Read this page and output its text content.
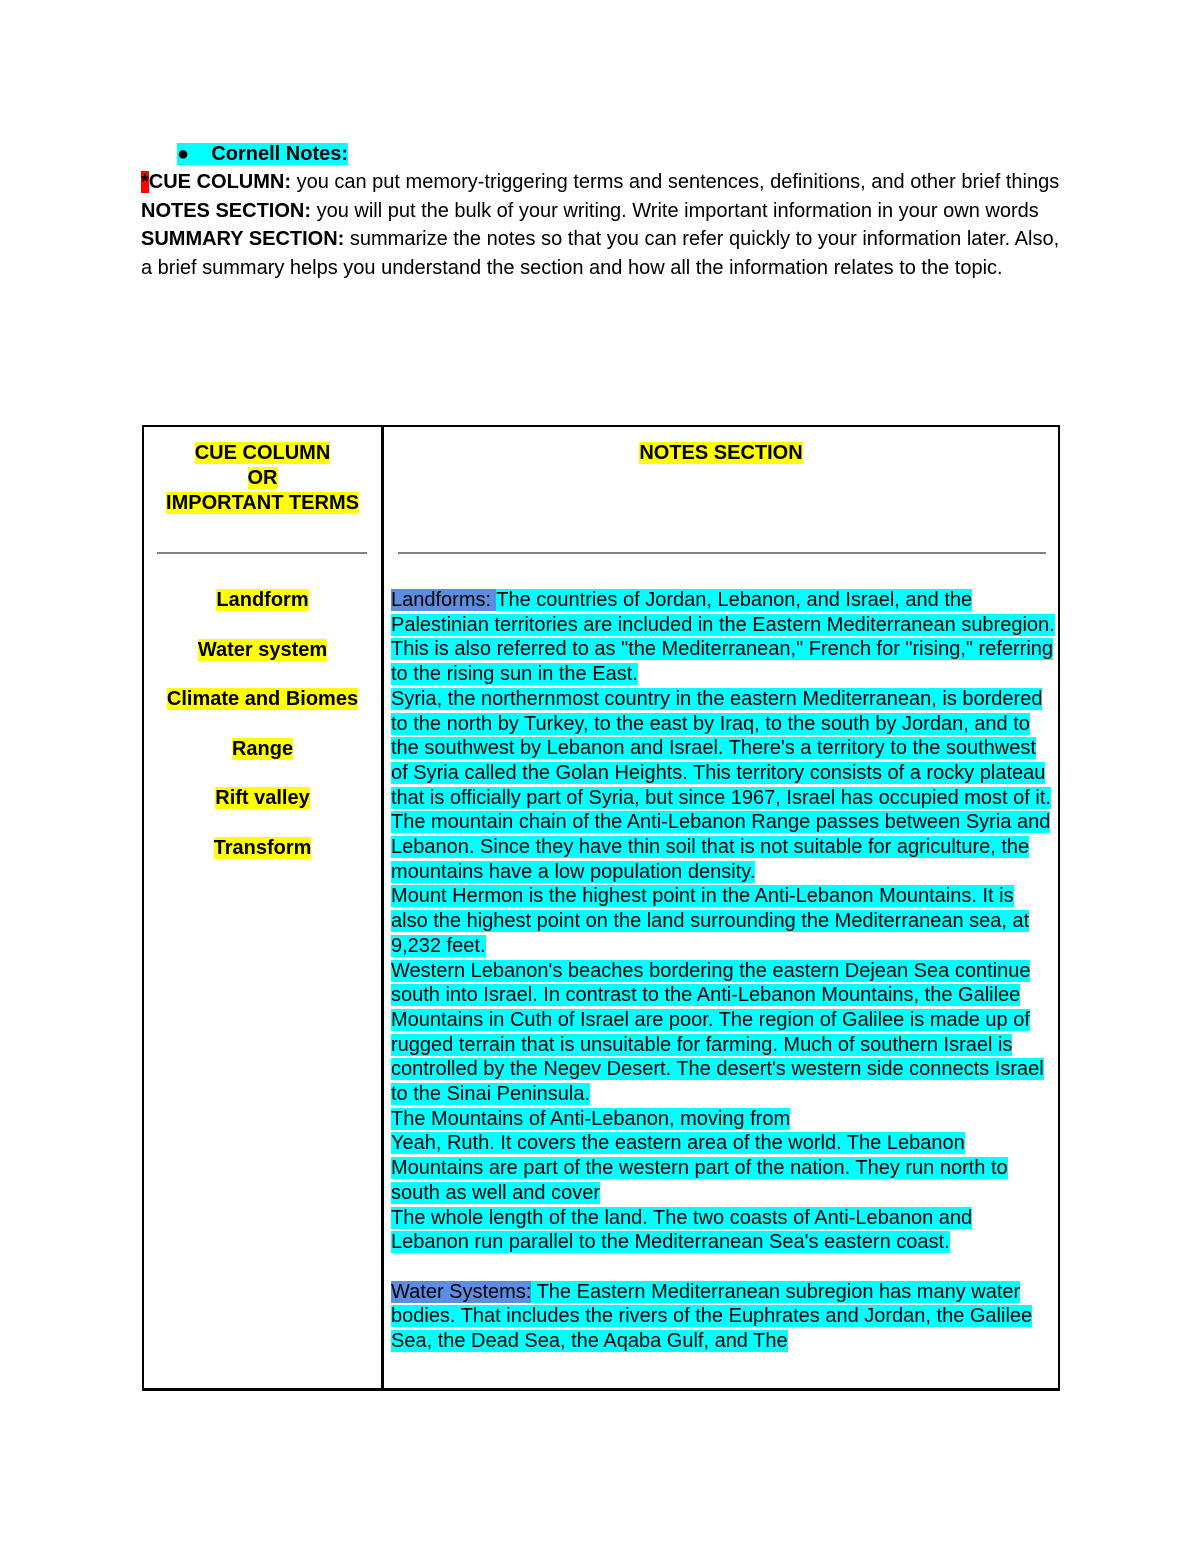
● Cornell Notes:

*CUE COLUMN: you can put memory-triggering terms and sentences, definitions, and other brief things

NOTES SECTION: you will put the bulk of your writing. Write important information in your own words

SUMMARY SECTION: summarize the notes so that you can refer quickly to your information later. Also, a brief summary helps you understand the section and how all the information relates to the topic.

CUE COLUMN
OR
IMPORTANT TERMS
NOTES SECTION
Landform
Water system
Climate and Biomes
Range
Rift valley
Transform

Landforms: The countries of Jordan, Lebanon, and Israel, and the Palestinian territories are included in the Eastern Mediterranean subregion. This is also referred to as "the Mediterranean," French for "rising," referring to the rising sun in the East.

Syria, the northernmost country in the eastern Mediterranean, is bordered to the north by Turkey, to the east by Iraq, to the south by Jordan, and to the southwest by Lebanon and Israel. There's a territory to the southwest of Syria called the Golan Heights. This territory consists of a rocky plateau that is officially part of Syria, but since 1967, Israel has occupied most of it.

The mountain chain of the Anti-Lebanon Range passes between Syria and Lebanon. Since they have thin soil that is not suitable for agriculture, the mountains have a low population density.

Mount Hermon is the highest point in the Anti-Lebanon Mountains. It is also the highest point on the land surrounding the Mediterranean sea, at 9,232 feet.

Western Lebanon's beaches bordering the eastern Dejean Sea continue south into Israel. In contrast to the Anti-Lebanon Mountains, the Galilee Mountains in Cuth of Israel are poor. The region of Galilee is made up of rugged terrain that is unsuitable for farming. Much of southern Israel is controlled by the Negev Desert. The desert's western side connects Israel to the Sinai Peninsula.

The Mountains of Anti-Lebanon, moving from

Yeah, Ruth. It covers the eastern area of the world. The Lebanon Mountains are part of the western part of the nation. They run north to south as well and cover

The whole length of the land. The two coasts of Anti-Lebanon and Lebanon run parallel to the Mediterranean Sea's eastern coast.

Water Systems: The Eastern Mediterranean subregion has many water bodies. That includes the rivers of the Euphrates and Jordan, the Galilee Sea, the Dead Sea, the Aqaba Gulf, and The
